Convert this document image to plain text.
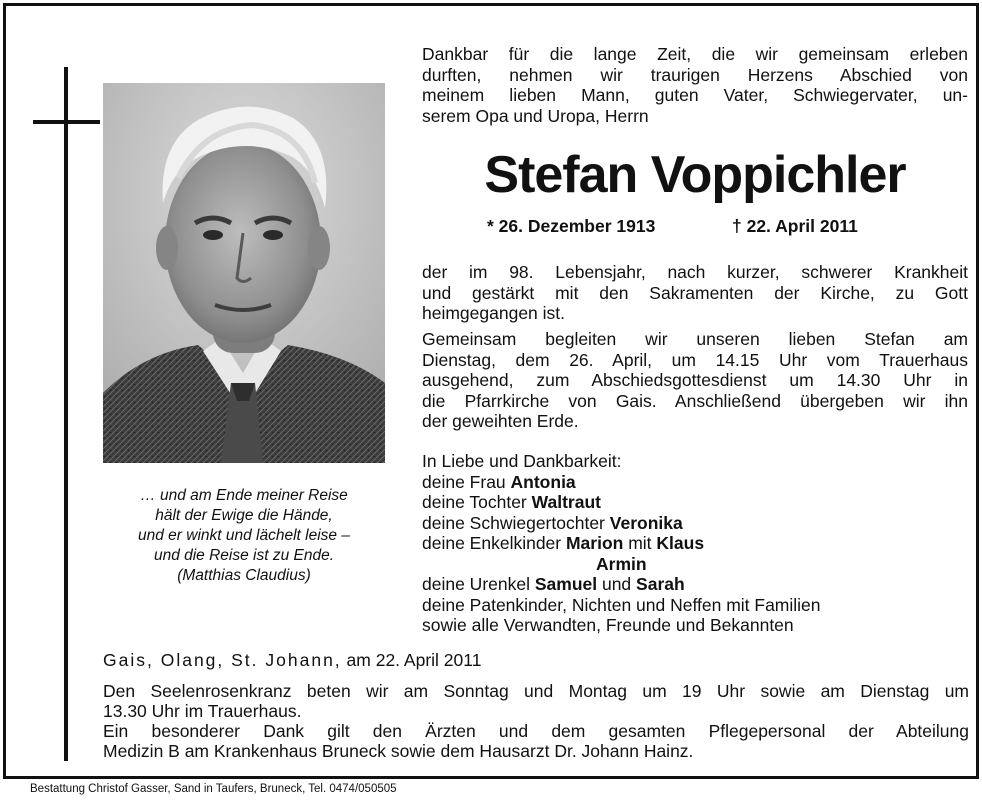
… und am Ende meiner Reise
hält der Ewige die Hände,
und er winkt und lächelt leise –
und die Reise ist zu Ende.
(Matthias Claudius)
Dankbar für die lange Zeit, die wir gemeinsam erleben
durften, nehmen wir traurigen Herzens Abschied von
meinem lieben Mann, guten Vater, Schwiegervater, un-
serem Opa und Uropa, Herrn
Stefan Voppichler
* 26. Dezember 1913	† 22. April 2011
der im 98. Lebensjahr, nach kurzer, schwerer Krankheit
und gestärkt mit den Sakramenten der Kirche, zu Gott
heimgegangen ist.
Gemeinsam begleiten wir unseren lieben Stefan am
Dienstag, dem 26. April, um 14.15 Uhr vom Trauerhaus
ausgehend, zum Abschiedsgottesdienst um 14.30 Uhr in
die Pfarrkirche von Gais. Anschließend übergeben wir ihn
der geweihten Erde.
In Liebe und Dankbarkeit:
deine Frau Antonia
deine Tochter Waltraut
deine Schwiegertochter Veronika
deine Enkelkinder Marion mit Klaus
Armin
deine Urenkel Samuel und Sarah
deine Patenkinder, Nichten und Neffen mit Familien
sowie alle Verwandten, Freunde und Bekannten
Gais, Olang, St. Johann, am 22. April 2011
Den Seelenrosenkranz beten wir am Sonntag und Montag um 19 Uhr sowie am Dienstag um
13.30 Uhr im Trauerhaus.
Ein besonderer Dank gilt den Ärzten und dem gesamten Pflegepersonal der Abteilung
Medizin B am Krankenhaus Bruneck sowie dem Hausarzt Dr. Johann Hainz.
Bestattung Christof Gasser, Sand in Taufers, Bruneck, Tel. 0474/050505
